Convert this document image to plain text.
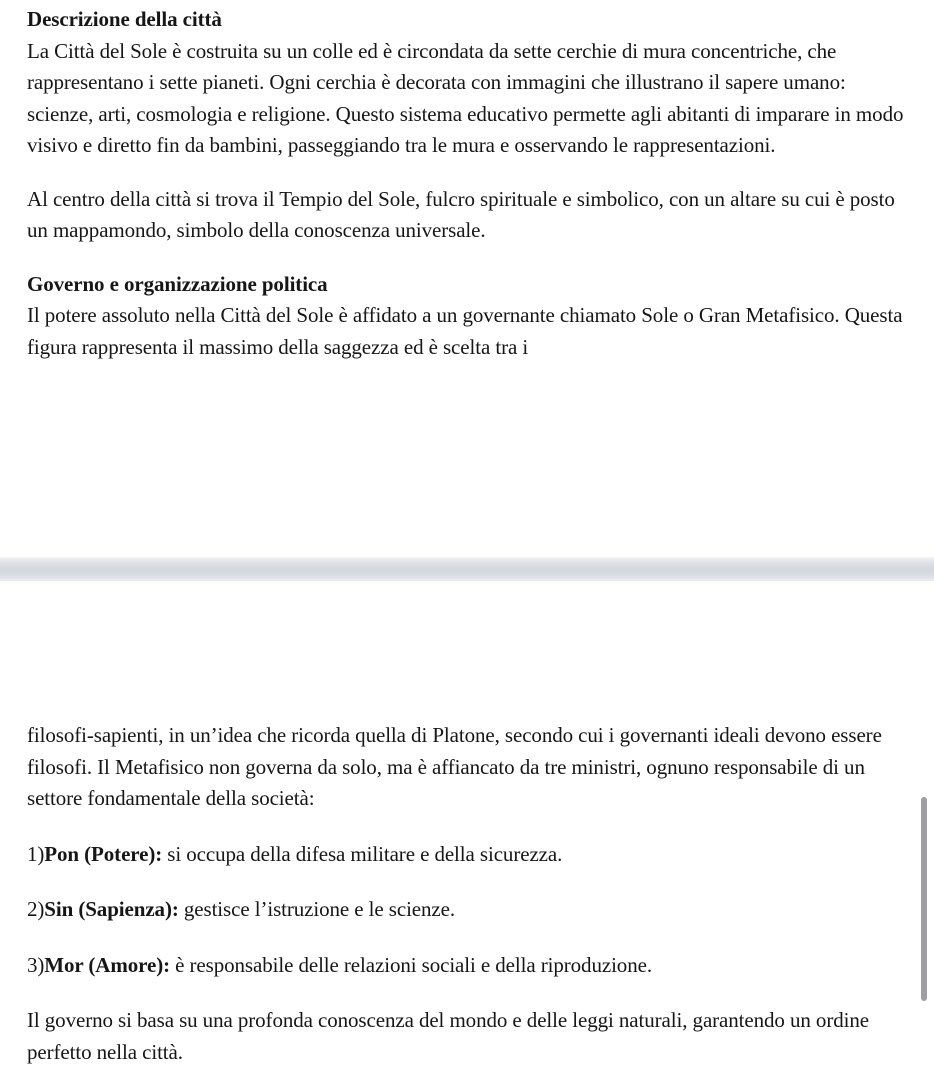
Descrizione della città

La Città del Sole è costruita su un colle ed è circondata da sette cerchie di mura concentriche, che rappresentano i sette pianeti. Ogni cerchia è decorata con immagini che illustrano il sapere umano: scienze, arti, cosmologia e religione. Questo sistema educativo permette agli abitanti di imparare in modo visivo e diretto fin da bambini, passeggiando tra le mura e osservando le rappresentazioni.

Al centro della città si trova il Tempio del Sole, fulcro spirituale e simbolico, con un altare su cui è posto un mappamondo, simbolo della conoscenza universale.

Governo e organizzazione politica

Il potere assoluto nella Città del Sole è affidato a un governante chiamato Sole o Gran Metafisico. Questa figura rappresenta il massimo della saggezza ed è scelta tra i

filosofi-sapienti, in un’idea che ricorda quella di Platone, secondo cui i governanti ideali devono essere filosofi. Il Metafisico non governa da solo, ma è affiancato da tre ministri, ognuno responsabile di un settore fondamentale della società:

1)Pon (Potere): si occupa della difesa militare e della sicurezza.

2)Sin (Sapienza): gestisce l’istruzione e le scienze.

3)Mor (Amore): è responsabile delle relazioni sociali e della riproduzione.

Il governo si basa su una profonda conoscenza del mondo e delle leggi naturali, garantendo un ordine perfetto nella città.
